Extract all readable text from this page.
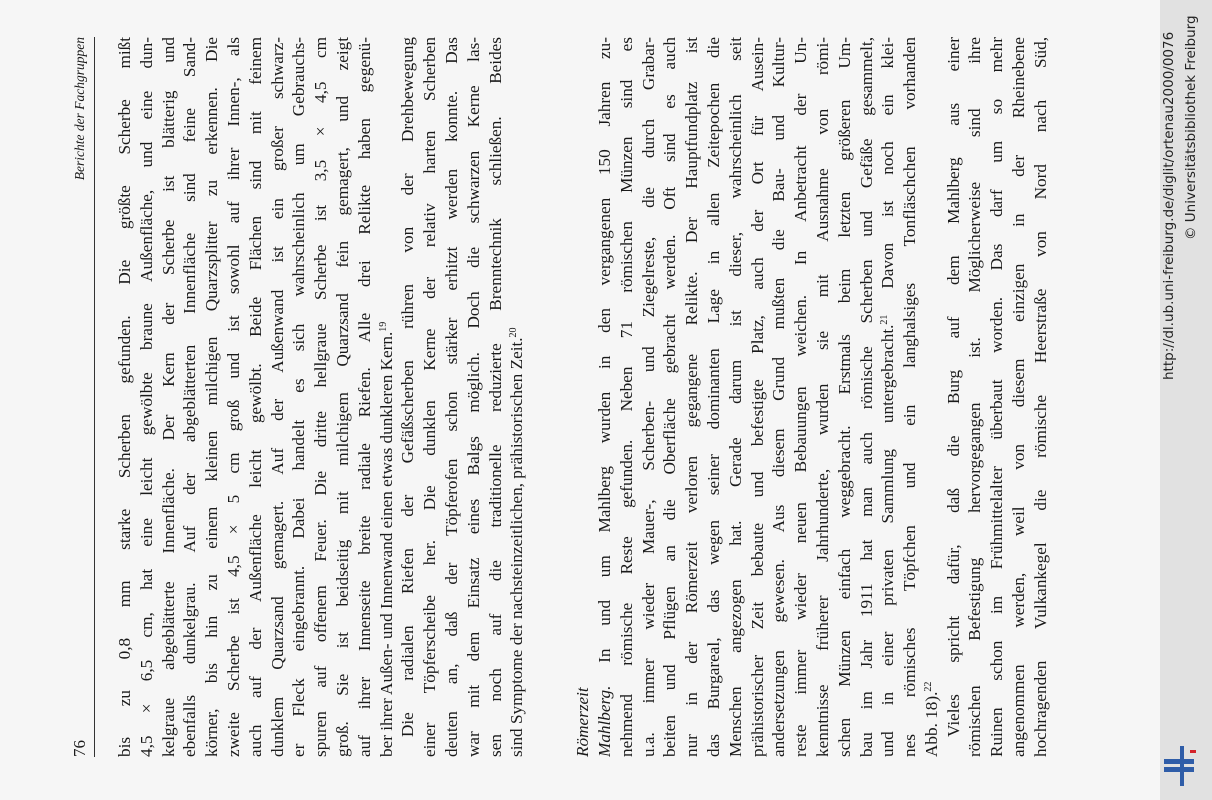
76
Berichte der Fachgruppen bis zu 0,8 mm starke Scherben gefunden. Die größte Scherbe mißt 4,5 × 6,5 cm, hat eine leicht gewölbte braune Außenfläche, und eine dun- kelgraue abgeblätterte Innenfläche. Der Kern der Scherbe ist blätterig und ebenfalls dunkelgrau. Auf der abgeblätterten Innenfläche sind feine Sand- körner, bis hin zu einem kleinen milchigen Quarzsplitter zu erkennen. Die zweite Scherbe ist 4,5 × 5 cm groß und ist sowohl auf ihrer Innen-, als auch auf der Außenfläche leicht gewölbt. Beide Flächen sind mit feinem dunklem Quarzsand gemagert. Auf der Außenwand ist ein großer schwarz- er Fleck eingebrannt. Dabei handelt es sich wahrscheinlich um Gebrauchs- spuren auf offenem Feuer. Die dritte hellgraue Scherbe ist 3,5 × 4,5 cm groß. Sie ist beidseitig mit milchigem Quarzsand fein gemagert, und zeigt auf ihrer Innenseite breite radiale Riefen. Alle drei Relikte haben gegenü- ber ihrer Außen- und Innenwand einen etwas dunkleren Kern.$^{19}$ Die radialen Riefen der Gefäßscherben rühren von der Drehbewegung einer Töpferscheibe her. Die dunklen Kerne der relativ harten Scherben deuten an, daß der Töpferofen schon stärker erhitzt werden konnte. Das war mit dem Einsatz eines Balgs möglich. Doch die schwarzen Kerne las- sen noch auf die traditionelle reduzierte Brenntechnik schließen. Beides sind Symptome der nachsteinzeitlichen, prähistorischen Zeit.$^{20}$

Römerzeit Mahlberg. In und um Mahlberg wurden in den vergangenen 150 Jahren zu- nehmend römische Reste gefunden. Neben 71 römischen Münzen sind es u.a. immer wieder Mauer-, Scherben- und Ziegelreste, die durch Grabar- beiten und Pflügen an die Oberfläche gebracht werden. Oft sind es auch nur in der Römerzeit verloren gegangene Relikte. Der Hauptfundplatz ist das Burgareal, das wegen seiner dominanten Lage in allen Zeitepochen die Menschen angezogen hat. Gerade darum ist dieser, wahrscheinlich seit prähistorischer Zeit bebaute und befestigte Platz, auch der Ort für Ausein- andersetzungen gewesen. Aus diesem Grund mußten die Bau- und Kultur- reste immer wieder neuen Bebauungen weichen. In Anbetracht der Un- kenntnisse früherer Jahrhunderte, wurden sie mit Ausnahme von römi- schen Münzen einfach weggebracht. Erstmals beim letzten größeren Um- bau im Jahr 1911 hat man auch römische Scherben und Gefäße gesammelt, und in einer privaten Sammlung untergebracht.$^{21}$ Davon ist noch ein klei- nes römisches Töpfchen und ein langhalsiges Tonfläschchen vorhanden Abb. 18).$^{22}$ Vieles spricht dafür, daß die Burg auf dem Mahlberg aus einer römischen Befestigung hervorgegangen ist. Möglicherweise sind ihre Ruinen schon im Frühmittelalter überbaut worden. Das darf um so mehr angenommen werden, weil von diesem einzigen in der Rheinebene hochragenden Vulkankegel die römische Heerstraße von Nord nach Süd,	http://dl.ub.uni-freiburg.de/diglit/ortenau2000/0076 © Universitätsbibliothek Freiburg
